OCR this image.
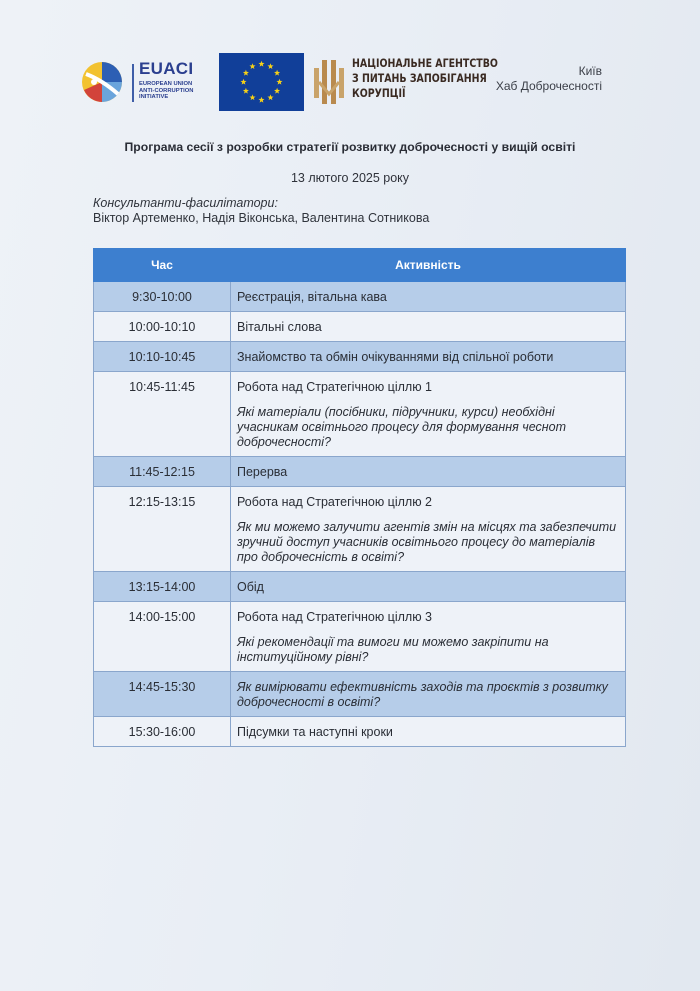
EUACI
EUROPEAN UNION
ANTI-CORRUPTION
INITIATIVE
НАЦІОНАЛЬНЕ АГЕНТСТВО
З ПИТАНЬ ЗАПОБІГАННЯ
КОРУПЦІЇ
Київ
Хаб Доброчесності
Програма сесії з розробки стратегії розвитку доброчесності у вищій освіті
13 лютого 2025 року
Консультанти-фасилітатори:
Віктор Артеменко, Надія Віконська, Валентина Сотникова
Час	Активність
9:30-10:00	Реєстрація, вітальна кава

10:00-10:10	Вітальні слова

10:10-10:45	Знайомство та обмін очікуваннями від спільної роботи

10:45-11:45	Робота над Стратегічною ціллю 1
Які матеріали (посібники, підручники, курси) необхідні учасникам освітнього процесу для формування чеснот доброчесності?

11:45-12:15	Перерва

12:15-13:15	Робота над Стратегічною ціллю 2
Як ми можемо залучити агентів змін на місцях та забезпечити зручний доступ учасників освітнього процесу до матеріалів про доброчесність в освіті?

13:15-14:00	Обід

14:00-15:00	Робота над Стратегічною ціллю 3
Які рекомендації та вимоги ми можемо закріпити на інституційному рівні?

14:45-15:30	Як вимірювати ефективність заходів та проєктів з розвитку доброчесності в освіті?

15:30-16:00	Підсумки та наступні кроки
